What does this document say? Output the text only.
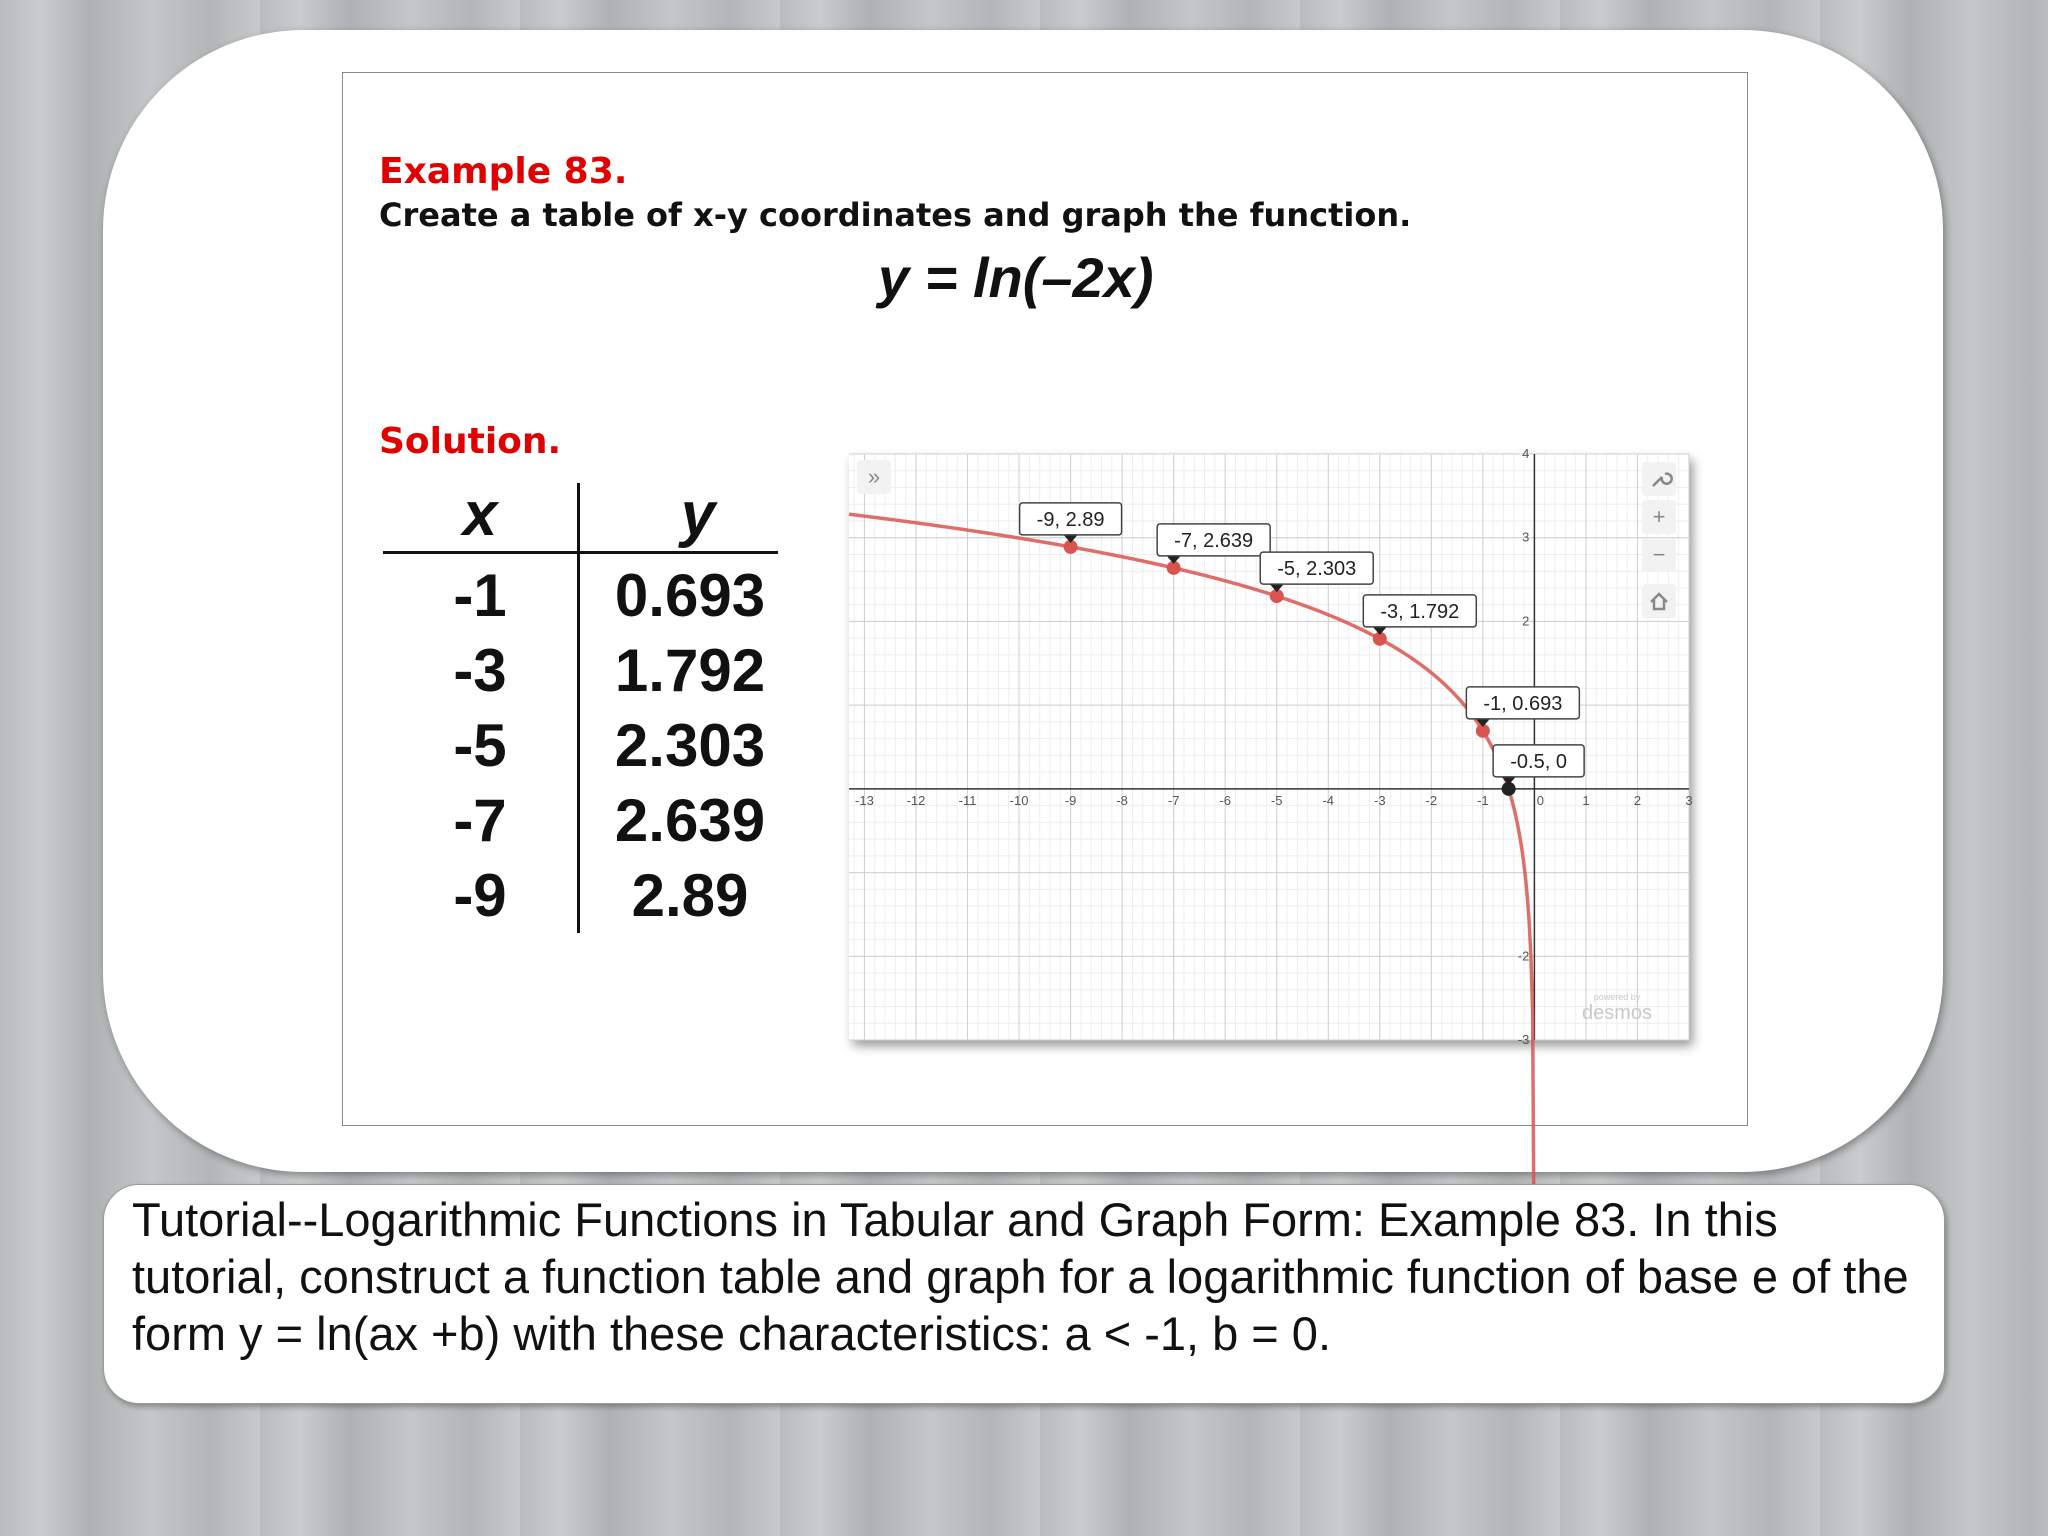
Example 83.
Create a table of x-y coordinates and graph the function.
y = ln(–2x)
Solution.
x	y
-1	0.693
-3	1.792
-5	2.303
-7	2.639
-9	2.89
-13	-12	-11	-10	-9	-8	-7	-6	-5	-4	-3	-2	-1	0	1	2	3
-3
-2
2
3
4
-9, 2.89
-7, 2.639
-5, 2.303
-3, 1.792
-1, 0.693
-0.5, 0
»
+
−
powered by
desmos
Tutorial--Logarithmic Functions in Tabular and Graph Form: Example 83. In this tutorial, construct a function table and graph for a logarithmic function of base e of the form y = ln(ax +b) with these characteristics: a < -1, b = 0.
